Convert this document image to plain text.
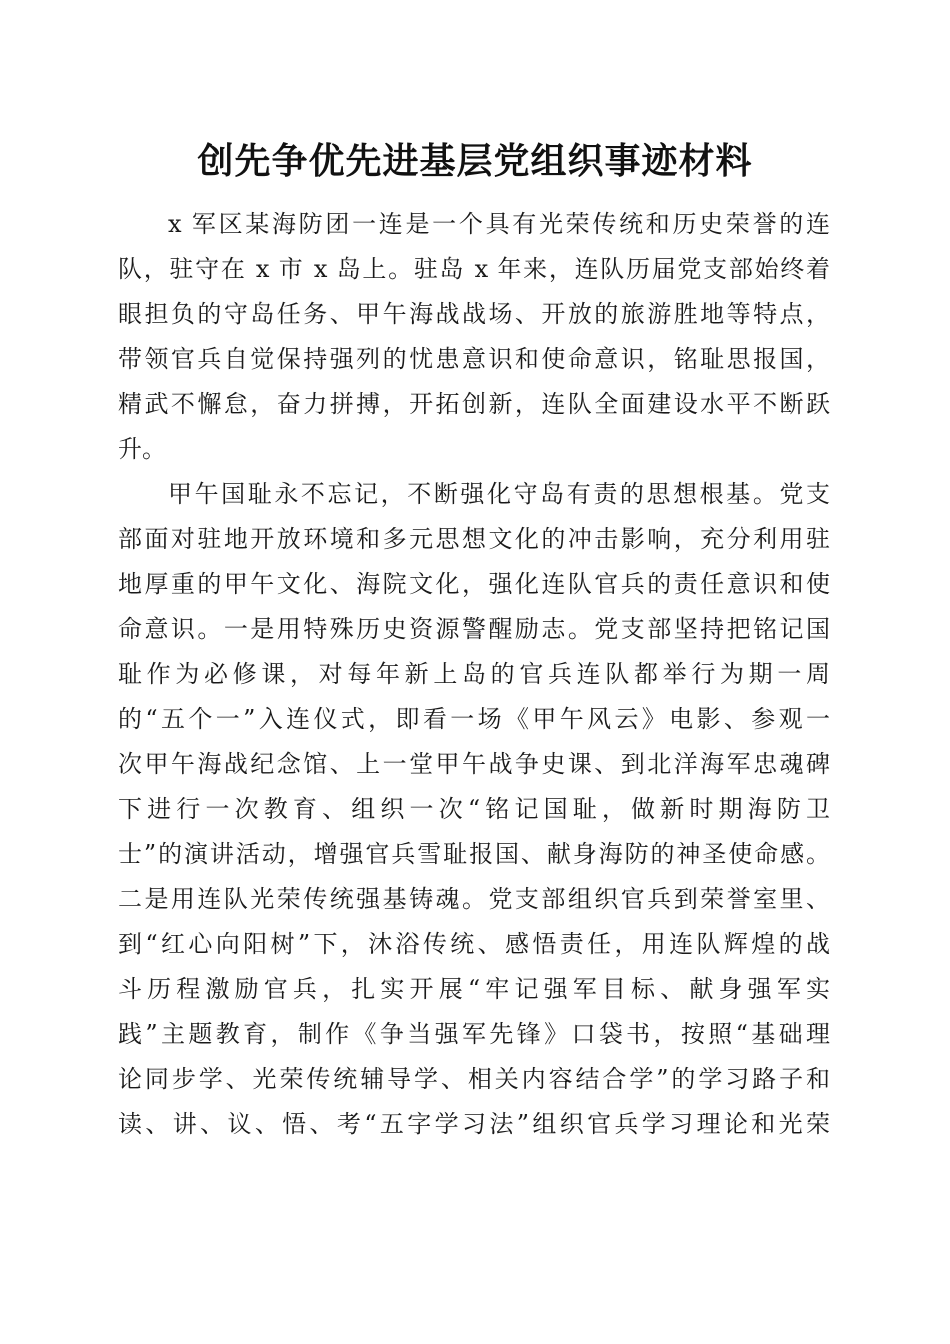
创先争优先进基层党组织事迹材料
x 军区某海防团一连是一个具有光荣传统和历史荣誉的连
队，驻守在 x 市 x 岛上。驻岛 x 年来，连队历届党支部始终着
眼担负的守岛任务、甲午海战战场、开放的旅游胜地等特点，
带领官兵自觉保持强列的忧患意识和使命意识，铭耻思报国，
精武不懈怠，奋力拼搏，开拓创新，连队全面建设水平不断跃
升。
甲午国耻永不忘记，不断强化守岛有责的思想根基。党支
部面对驻地开放环境和多元思想文化的冲击影响，充分利用驻
地厚重的甲午文化、海院文化，强化连队官兵的责任意识和使
命意识。一是用特殊历史资源警醒励志。党支部坚持把铭记国
耻作为必修课，对每年新上岛的官兵连队都举行为期一周
的“五个一”入连仪式，即看一场《甲午风云》电影、参观一
次甲午海战纪念馆、上一堂甲午战争史课、到北洋海军忠魂碑
下进行一次教育、组织一次“铭记国耻，做新时期海防卫
士”的演讲活动，增强官兵雪耻报国、献身海防的神圣使命感。
二是用连队光荣传统强基铸魂。党支部组织官兵到荣誉室里、
到“红心向阳树”下，沐浴传统、感悟责任，用连队辉煌的战
斗历程激励官兵，扎实开展“牢记强军目标、献身强军实
践”主题教育，制作《争当强军先锋》口袋书，按照“基础理
论同步学、光荣传统辅导学、相关内容结合学”的学习路子和
读、讲、议、悟、考“五字学习法”组织官兵学习理论和光荣
